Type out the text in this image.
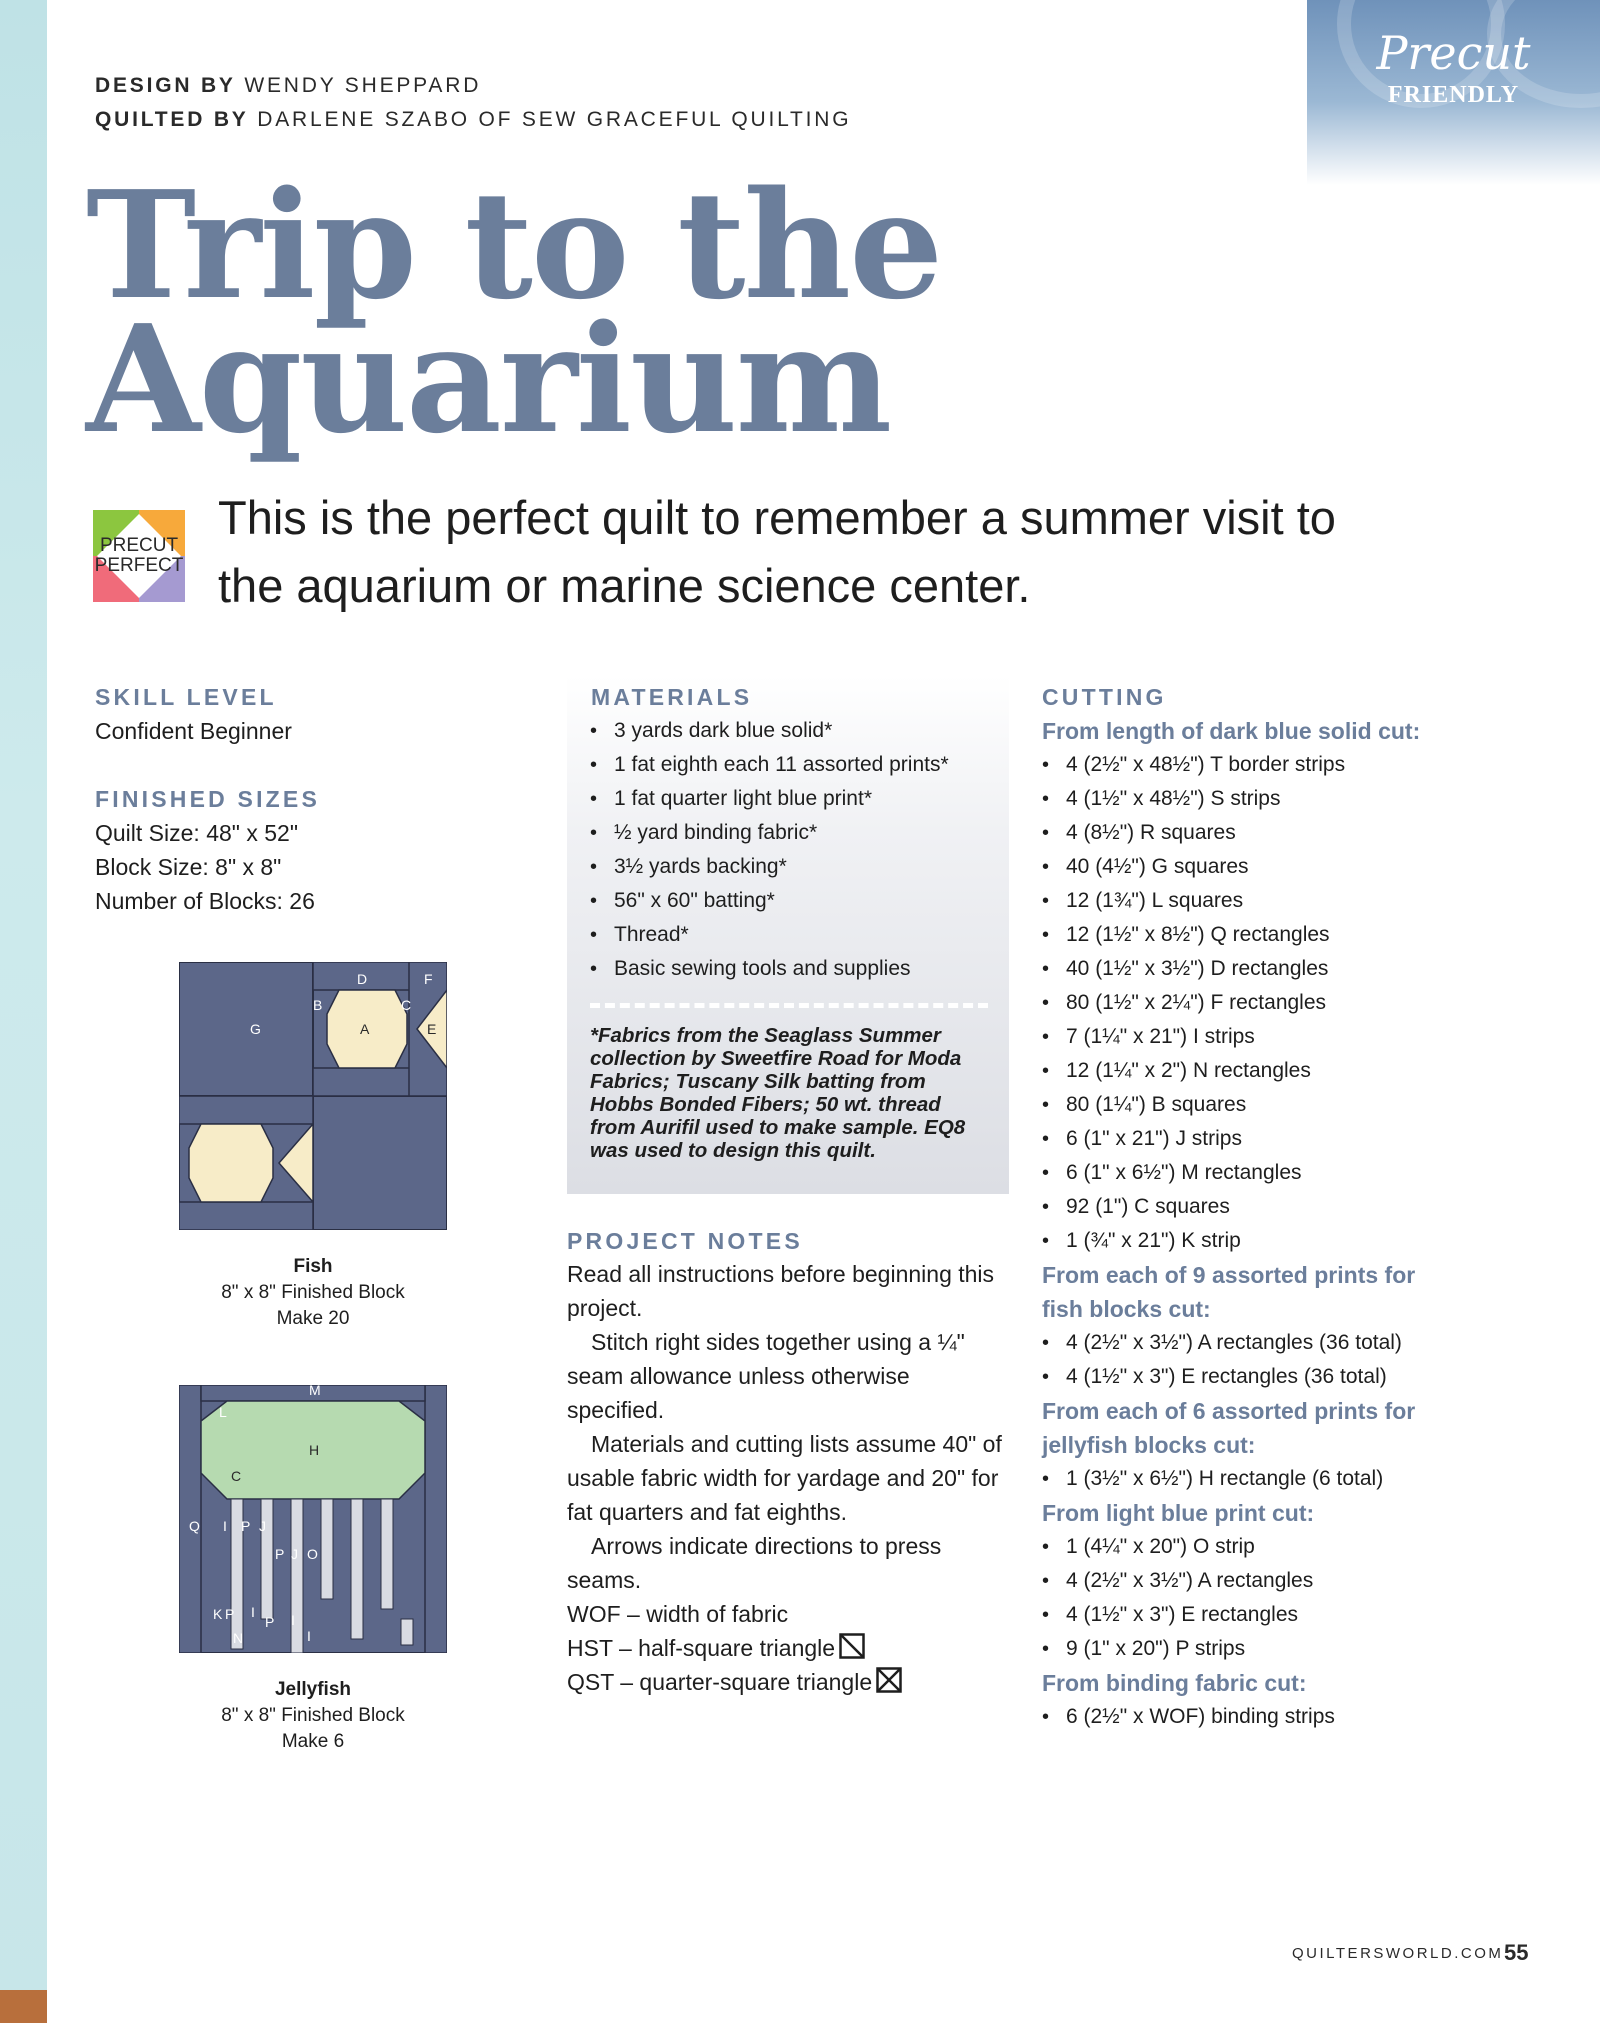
Precut
FRIENDLY
DESIGN BY WENDY SHEPPARD
QUILTED BY DARLENE SZABO OF SEW GRACEFUL QUILTING
Trip to the
Aquarium
PRECUT
PERFECT
This is the perfect quilt to remember a summer visit to the aquarium or marine science center.
SKILL LEVEL
Confident Beginner
FINISHED SIZES
Quilt Size: 48" x 52"
Block Size: 8" x 8"
Number of Blocks: 26
G
B
D
A
C
F
E
Fish
8" x 8" Finished Block
Make 20
M
L
H
C
Q I P J
P J O
K P I
P I
N	I
Jellyfish
8" x 8" Finished Block
Make 6
MATERIALS
• 3 yards dark blue solid*
• 1 fat eighth each 11 assorted prints*
• 1 fat quarter light blue print*
• ½ yard binding fabric*
• 3½ yards backing*
• 56" x 60" batting*
• Thread*
• Basic sewing tools and supplies
*Fabrics from the Seaglass Summer collection by Sweetfire Road for Moda Fabrics; Tuscany Silk batting from Hobbs Bonded Fibers; 50 wt. thread from Aurifil used to make sample. EQ8 was used to design this quilt.
PROJECT NOTES
Read all instructions before beginning this project.
Stitch right sides together using a ¼" seam allowance unless otherwise specified.
Materials and cutting lists assume 40" of usable fabric width for yardage and 20" for fat quarters and fat eighths.
Arrows indicate directions to press seams.
WOF – width of fabric
HST – half-square triangle
QST – quarter-square triangle
CUTTING
From length of dark blue solid cut:
• 4 (2½" x 48½") T border strips
• 4 (1½" x 48½") S strips
• 4 (8½") R squares
• 40 (4½") G squares
• 12 (1¾") L squares
• 12 (1½" x 8½") Q rectangles
• 40 (1½" x 3½") D rectangles
• 80 (1½" x 2¼") F rectangles
• 7 (1¼" x 21") I strips
• 12 (1¼" x 2") N rectangles
• 80 (1¼") B squares
• 6 (1" x 21") J strips
• 6 (1" x 6½") M rectangles
• 92 (1") C squares
• 1 (¾" x 21") K strip
From each of 9 assorted prints for fish blocks cut:
• 4 (2½" x 3½") A rectangles (36 total)
• 4 (1½" x 3") E rectangles (36 total)
From each of 6 assorted prints for jellyfish blocks cut:
• 1 (3½" x 6½") H rectangle (6 total)
From light blue print cut:
• 1 (4¼" x 20") O strip
• 4 (2½" x 3½") A rectangles
• 4 (1½" x 3") E rectangles
• 9 (1" x 20") P strips
From binding fabric cut:
• 6 (2½" x WOF) binding strips
QUILTERSWORLD.COM 55
